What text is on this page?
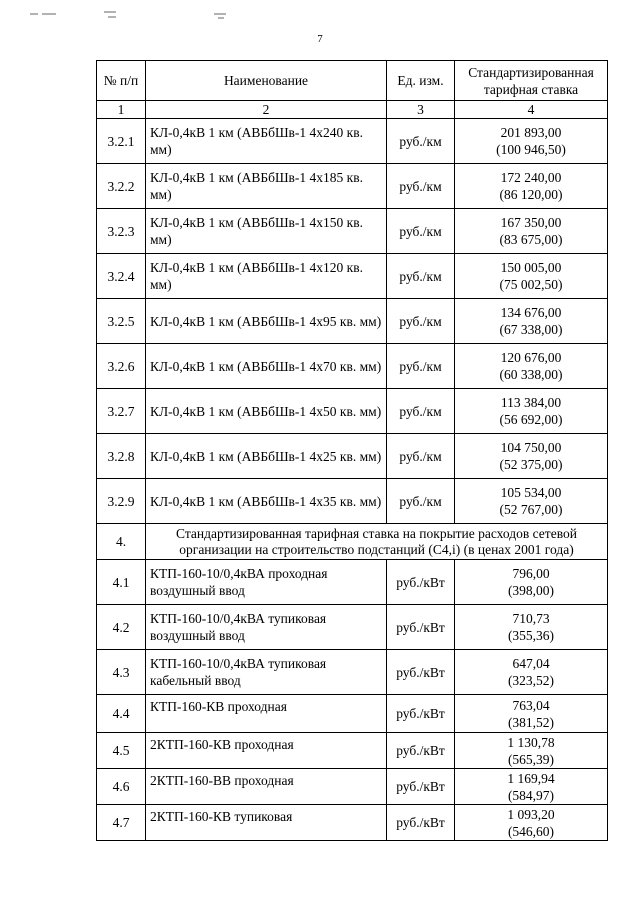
7
№ п/п	Наименование	Ед. изм.	Стандартизированная тарифная ставка
1	2	3	4
3.2.1	КЛ-0,4кВ 1 км (АВБбШв-1 4х240 кв. мм)	руб./км	201 893,00
(100 946,50)

3.2.2	КЛ-0,4кВ 1 км (АВБбШв-1 4х185 кв. мм)	руб./км	172 240,00
(86 120,00)

3.2.3	КЛ-0,4кВ 1 км (АВБбШв-1 4х150 кв. мм)	руб./км	167 350,00
(83 675,00)

3.2.4	КЛ-0,4кВ 1 км (АВБбШв-1 4х120 кв. мм)	руб./км	150 005,00
(75 002,50)

3.2.5	КЛ-0,4кВ 1 км (АВБбШв-1 4х95 кв. мм)	руб./км	134 676,00
(67 338,00)

3.2.6	КЛ-0,4кВ 1 км (АВБбШв-1 4х70 кв. мм)	руб./км	120 676,00
(60 338,00)

3.2.7	КЛ-0,4кВ 1 км (АВБбШв-1 4х50 кв. мм)	руб./км	113 384,00
(56 692,00)

3.2.8	КЛ-0,4кВ 1 км (АВБбШв-1 4х25 кв. мм)	руб./км	104 750,00
(52 375,00)

3.2.9	КЛ-0,4кВ 1 км (АВБбШв-1 4х35 кв. мм)	руб./км	105 534,00
(52 767,00)

4.	Стандартизированная тарифная ставка на покрытие расходов сетевой организации на строительство подстанций (С4,i) (в ценах 2001 года)		
4.1	КТП-160-10/0,4кВА проходная воздушный ввод	руб./кВт	796,00
(398,00)

4.2	КТП-160-10/0,4кВА тупиковая воздушный ввод	руб./кВт	710,73
(355,36)

4.3	КТП-160-10/0,4кВА тупиковая кабельный ввод	руб./кВт	647,04
(323,52)

4.4	КТП-160-КВ проходная	руб./кВт	763,04
(381,52)

4.5	2КТП-160-КВ проходная	руб./кВт	1 130,78
(565,39)

4.6	2КТП-160-ВВ проходная	руб./кВт	1 169,94
(584,97)

4.7	2КТП-160-КВ тупиковая	руб./кВт	1 093,20
(546,60)
